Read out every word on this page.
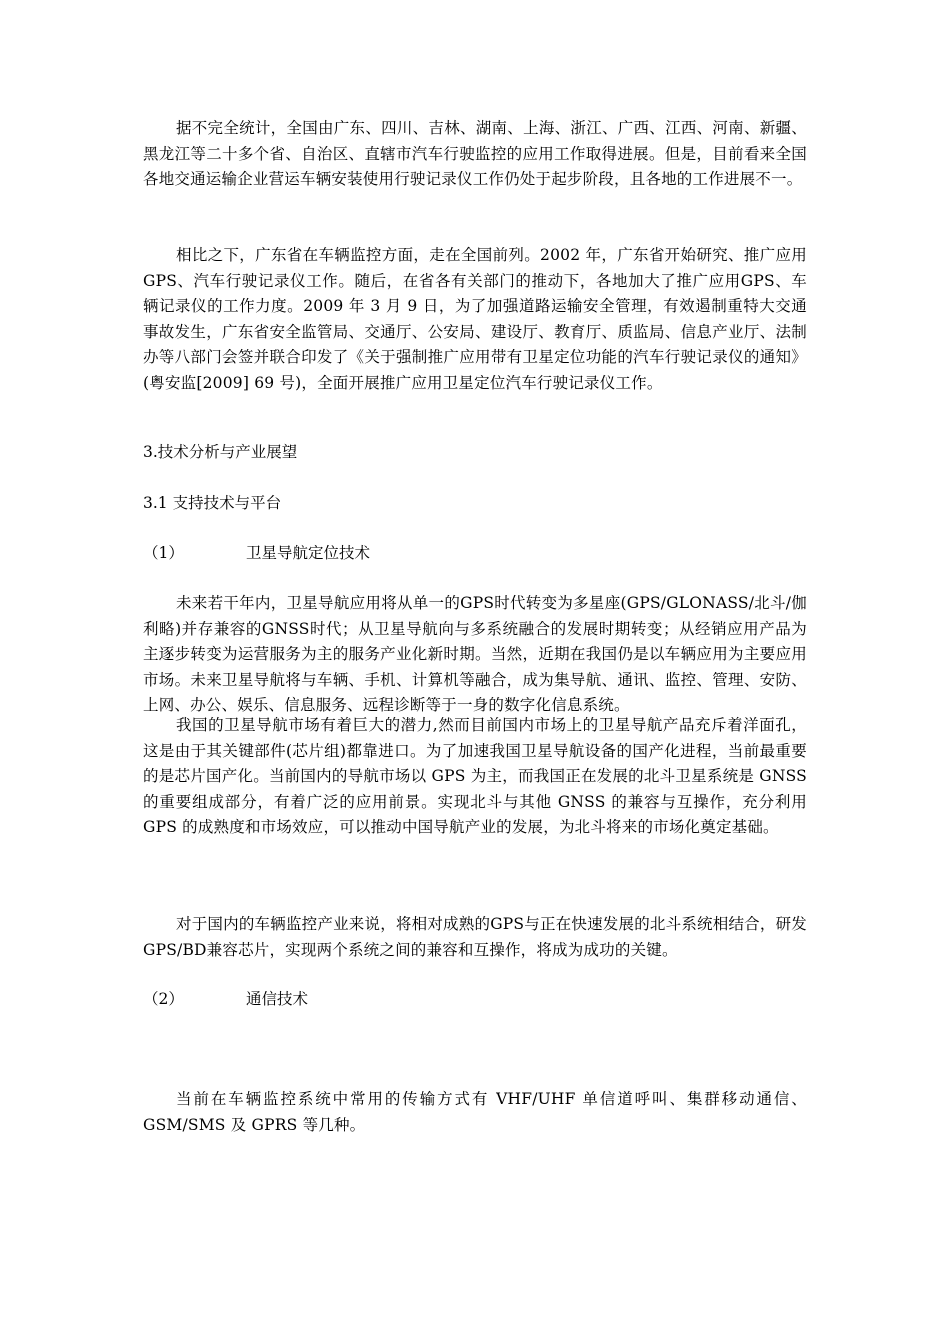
据不完全统计，全国由广东、四川、吉林、湖南、上海、浙江、广西、江西、河南、新疆、黑龙江等二十多个省、自治区、直辖市汽车行驶监控的应用工作取得进展。但是，目前看来全国各地交通运输企业营运车辆安装使用行驶记录仪工作仍处于起步阶段，且各地的工作进展不一。

相比之下，广东省在车辆监控方面，走在全国前列。2002 年，广东省开始研究、推广应用 GPS、汽车行驶记录仪工作。随后，在省各有关部门的推动下，各地加大了推广应用GPS、车辆记录仪的工作力度。2009 年 3 月 9 日，为了加强道路运输安全管理，有效遏制重特大交通事故发生，广东省安全监管局、交通厅、公安局、建设厅、教育厅、质监局、信息产业厅、法制办等八部门会签并联合印发了《关于强制推广应用带有卫星定位功能的汽车行驶记录仪的通知》(粤安监[2009] 69 号)，全面开展推广应用卫星定位汽车行驶记录仪工作。

3.技术分析与产业展望

3.1 支持技术与平台

（1）	卫星导航定位技术

未来若干年内，卫星导航应用将从单一的GPS时代转变为多星座(GPS/GLONASS/北斗/伽利略)并存兼容的GNSS时代；从卫星导航向与多系统融合的发展时期转变；从经销应用产品为主逐步转变为运营服务为主的服务产业化新时期。当然，近期在我国仍是以车辆应用为主要应用市场。未来卫星导航将与车辆、手机、计算机等融合，成为集导航、通讯、监控、管理、安防、上网、办公、娱乐、信息服务、远程诊断等于一身的数字化信息系统。

我国的卫星导航市场有着巨大的潜力,然而目前国内市场上的卫星导航产品充斥着洋面孔，这是由于其关键部件(芯片组)都靠进口。为了加速我国卫星导航设备的国产化进程，当前最重要的是芯片国产化。当前国内的导航市场以 GPS 为主，而我国正在发展的北斗卫星系统是 GNSS 的重要组成部分，有着广泛的应用前景。实现北斗与其他 GNSS 的兼容与互操作，充分利用 GPS 的成熟度和市场效应，可以推动中国导航产业的发展，为北斗将来的市场化奠定基础。

对于国内的车辆监控产业来说，将相对成熟的GPS与正在快速发展的北斗系统相结合，研发GPS/BD兼容芯片，实现两个系统之间的兼容和互操作，将成为成功的关键。

（2）	通信技术

当前在车辆监控系统中常用的传输方式有 VHF/UHF 单信道呼叫、集群移动通信、GSM/SMS 及 GPRS 等几种。
